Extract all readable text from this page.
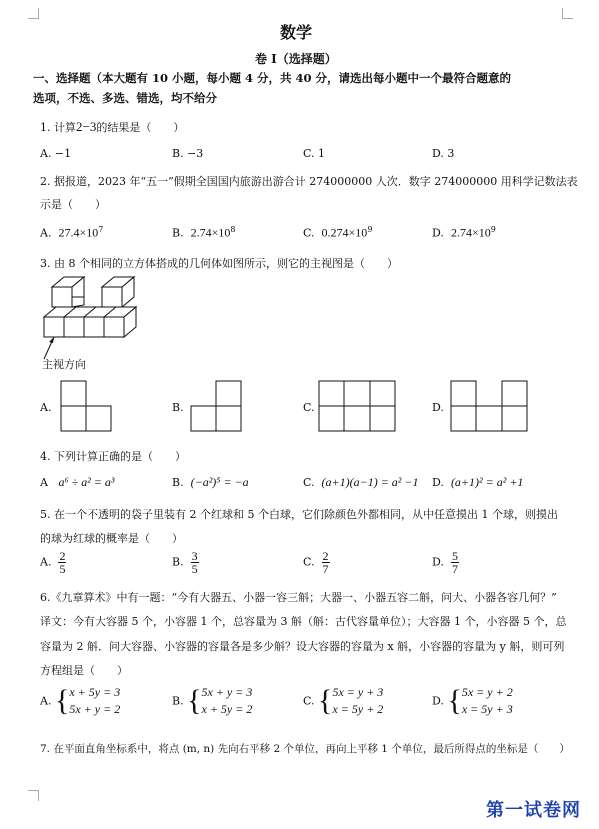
数学
卷 I（选择题）
一、选择题（本大题有 10 小题，每小题 4 分，共 40 分，请选出每小题中一个最符合题意的
选项，不选、多选、错选，均不给分
1. 计算2−3的结果是（　　）
A. −1	B. −3	C. 1	D. 3
2. 据报道，2023 年“五一”假期全国国内旅游出游合计 274000000 人次．数字 274000000 用科学记数法表
示是（　　）
A. $27.4\times 10^7$	B. $2.74\times 10^8$	C. $0.274\times 10^9$	D. $2.74\times 10^9$
3. 由 8 个相同的立方体搭成的几何体如图所示，则它的主视图是（　　）
主视方向
A.	B.	C.	D.
4. 下列计算正确的是（　　）
A a⁶ ÷ a² = a³	B. (−a²)⁵ = −a	C. (a+1)(a−1) = a² −1 D. (a+1)² = a² +1
5. 在一个不透明的袋子里装有 2 个红球和 5 个白球，它们除颜色外都相同，从中任意摸出 1 个球，则摸出
的球为红球的概率是（　　）
A. $\frac{2}{5}$	B. $\frac{3}{5}$	C. $\frac{2}{7}$	D. $\frac{5}{7}$
6.《九章算术》中有一题：“今有大器五、小器一容三斛；大器一、小器五容二斛，问大、小器各容几何？”
译文：今有大容器 5 个，小容器 1 个，总容量为 3 斛（斛：古代容量单位）；大容器 1 个，小容器 5 个，总
容量为 2 斛．问大容器、小容器的容量各是多少斛？设大容器的容量为 x 斛，小容器的容量为 y 斛，则可列
方程组是（　　）
A. {x + 5y = 3
5x + y = 2
B. {5x + y = 3
x + 5y = 2
C. {5x = y + 3
x = 5y + 2
D. {5x = y + 2
x = 5y + 3
7. 在平面直角坐标系中，将点 (m, n) 先向右平移 2 个单位，再向上平移 1 个单位，最后所得点的坐标是（　　）
第一试卷网
